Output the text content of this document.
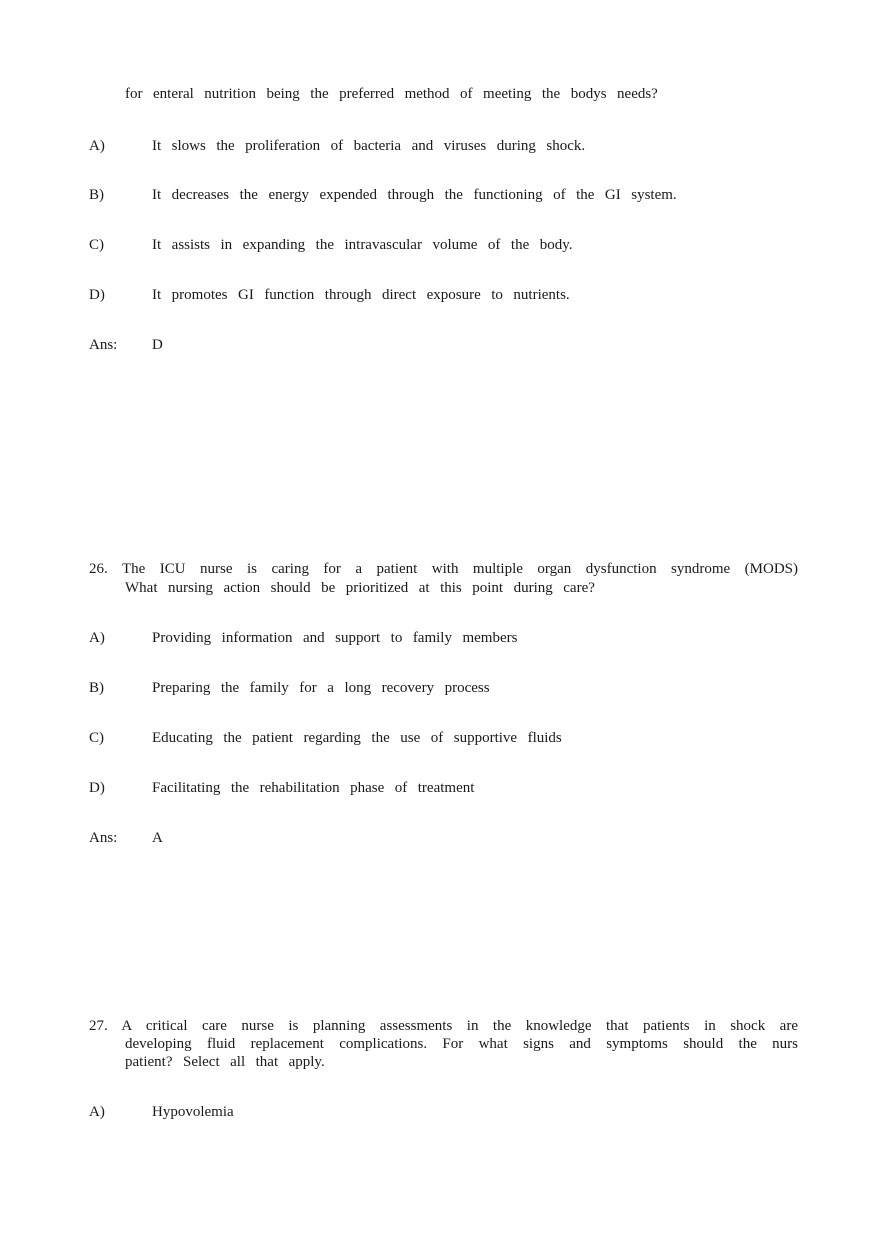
for enteral nutrition being the preferred method of meeting the bodys needs?
A)	It slows the proliferation of bacteria and viruses during shock.
B)	It decreases the energy expended through the functioning of the GI system.
C)	It assists in expanding the intravascular volume of the body.
D)	It promotes GI function through direct exposure to nutrients.
Ans: D
26. The ICU nurse is caring for a patient with multiple organ dysfunction syndrome (MODS)
What nursing action should be prioritized at this point during care?
A)	Providing information and support to family members
B)	Preparing the family for a long recovery process
C)	Educating the patient regarding the use of supportive fluids
D)	Facilitating the rehabilitation phase of treatment
Ans: A
27. A critical care nurse is planning assessments in the knowledge that patients in shock are
developing fluid replacement complications. For what signs and symptoms should the nurs
patient? Select all that apply.
A)	Hypovolemia
